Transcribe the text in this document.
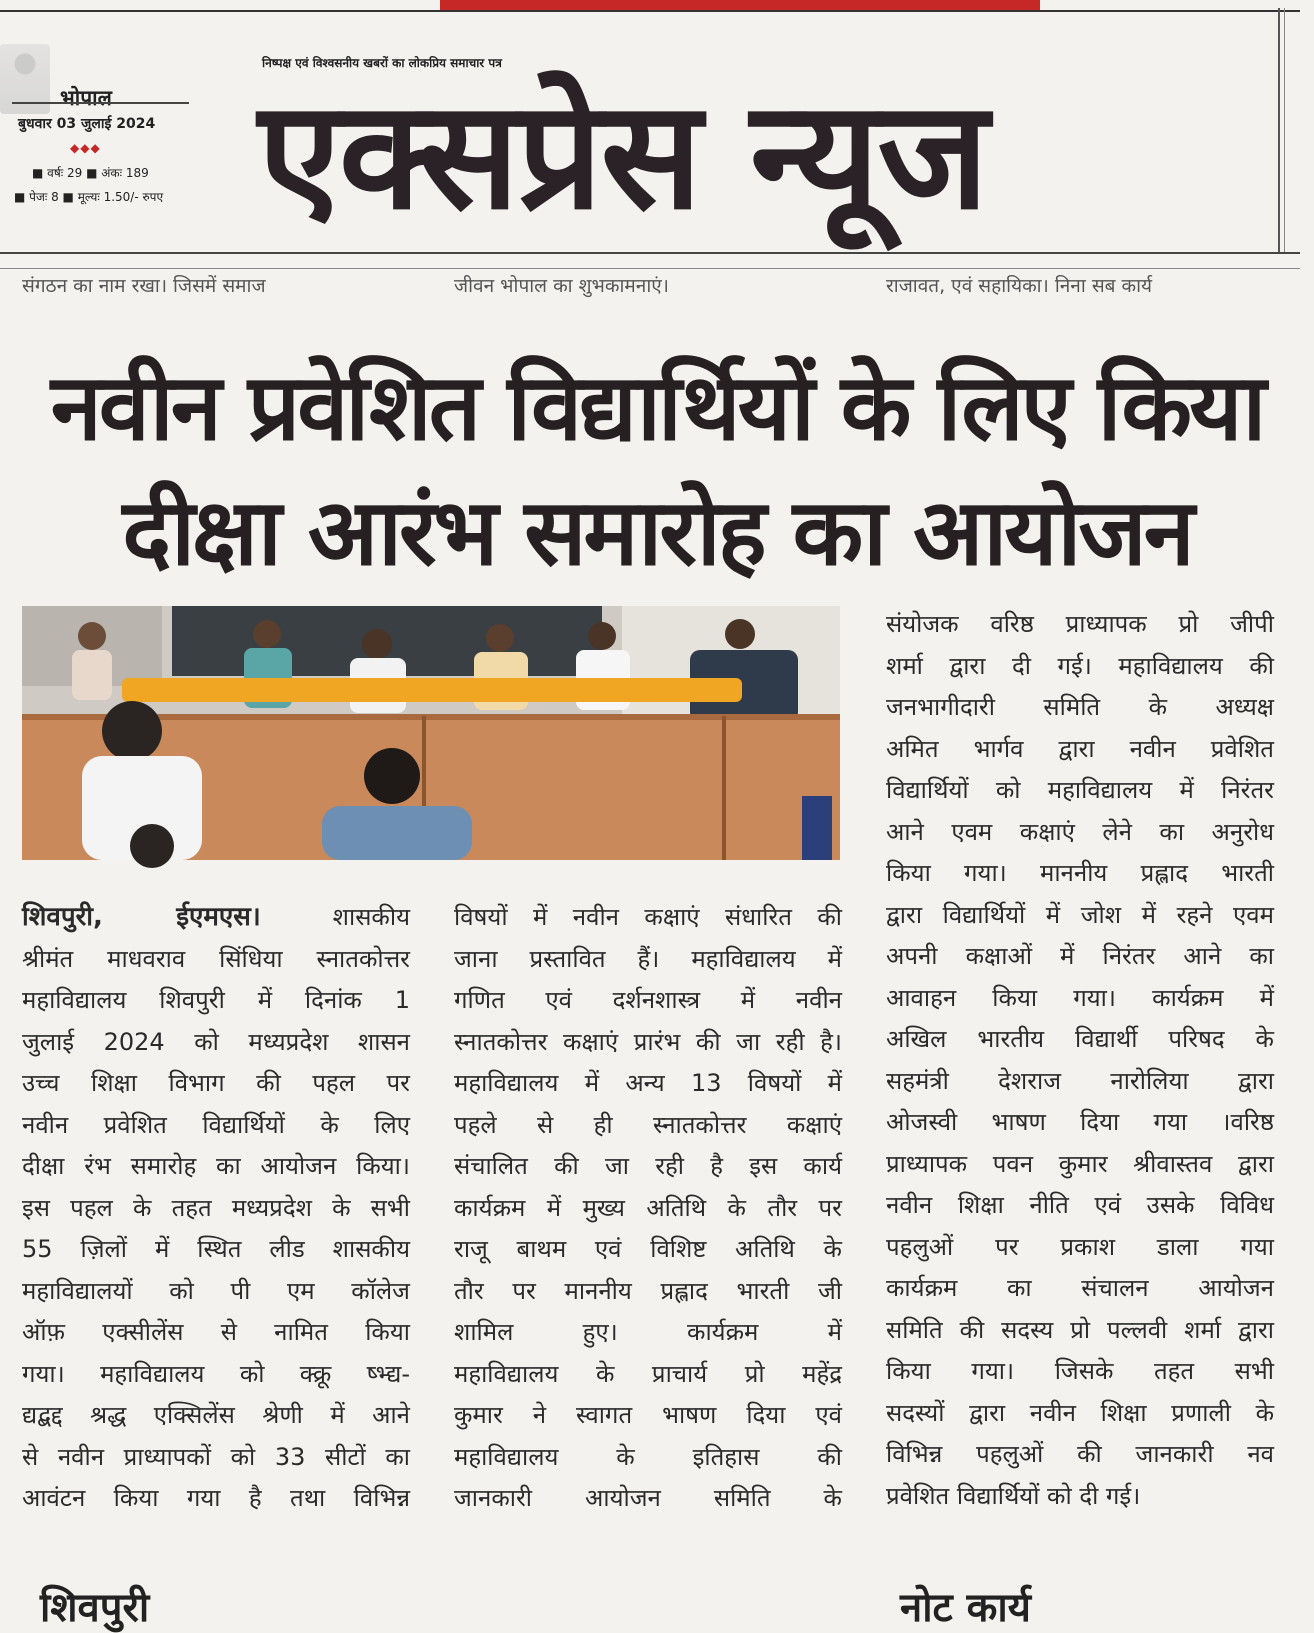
भोपाल
बुधवार 03 जुलाई 2024
◆◆◆
■ वर्षः 29 ■ अंकः 189
■ पेजः 8 ■ मूल्यः 1.50/- रुपए
निष्पक्ष एवं विश्वसनीय खबरों का लोकप्रिय समाचार पत्र
एक्सप्रेस न्यूज
संगठन का नाम रखा। जिसमें समाज	जीवन भोपाल का शुभकामनाएं।	राजावत, एवं सहायिका। निना सब कार्य
नवीन प्रवेशित विद्यार्थियों के लिए किया
दीक्षा आरंभ समारोह का आयोजन
शिवपुरी, ईएमएस। शासकीय
श्रीमंत माधवराव सिंधिया स्नातकोत्तर
महाविद्यालय शिवपुरी में दिनांक 1
जुलाई 2024 को मध्यप्रदेश शासन
उच्च शिक्षा विभाग की पहल पर
नवीन प्रवेशित विद्यार्थियों के लिए
दीक्षा रंभ समारोह का आयोजन किया।
इस पहल के तहत मध्यप्रदेश के सभी
55 ज़िलों में स्थित लीड शासकीय
महाविद्यालयों को पी एम कॉलेज
ऑफ़ एक्सीलेंस से नामित किया
गया। महाविद्यालय को क्क्रू ष्भ्द्य-
द्यद्बद्द श्रद्ध एक्सिलेंस श्रेणी में आने
से नवीन प्राध्यापकों को 33 सीटों का
आवंटन किया गया है तथा विभिन्न
विषयों में नवीन कक्षाएं संधारित की
जाना प्रस्तावित हैं। महाविद्यालय में
गणित एवं दर्शनशास्त्र में नवीन
स्नातकोत्तर कक्षाएं प्रारंभ की जा रही है।
महाविद्यालय में अन्य 13 विषयों में
पहले से ही स्नातकोत्तर कक्षाएं
संचालित की जा रही है इस कार्य
कार्यक्रम में मुख्य अतिथि के तौर पर
राजू बाथम एवं विशिष्ट अतिथि के
तौर पर माननीय प्रह्लाद भारती जी
शामिल हुए। कार्यक्रम में
महाविद्यालय के प्राचार्य प्रो महेंद्र
कुमार ने स्वागत भाषण दिया एवं
महाविद्यालय के इतिहास की
जानकारी आयोजन समिति के
संयोजक वरिष्ठ प्राध्यापक प्रो जीपी
शर्मा द्वारा दी गई। महाविद्यालय की
जनभागीदारी समिति के अध्यक्ष
अमित भार्गव द्वारा नवीन प्रवेशित
विद्यार्थियों को महाविद्यालय में निरंतर
आने एवम कक्षाएं लेने का अनुरोध
किया गया। माननीय प्रह्लाद भारती
द्वारा विद्यार्थियों में जोश में रहने एवम
अपनी कक्षाओं में निरंतर आने का
आवाहन किया गया। कार्यक्रम में
अखिल भारतीय विद्यार्थी परिषद के
सहमंत्री देशराज नारोलिया द्वारा
ओजस्वी भाषण दिया गया ।वरिष्ठ
प्राध्यापक पवन कुमार श्रीवास्तव द्वारा
नवीन शिक्षा नीति एवं उसके विविध
पहलुओं पर प्रकाश डाला गया
कार्यक्रम का संचालन आयोजन
समिति की सदस्य प्रो पल्लवी शर्मा द्वारा
किया गया। जिसके तहत सभी
सदस्यों द्वारा नवीन शिक्षा प्रणाली के
विभिन्न पहलुओं की जानकारी नव
प्रवेशित विद्यार्थियों को दी गई।
शिवपुरी	नोट कार्य
